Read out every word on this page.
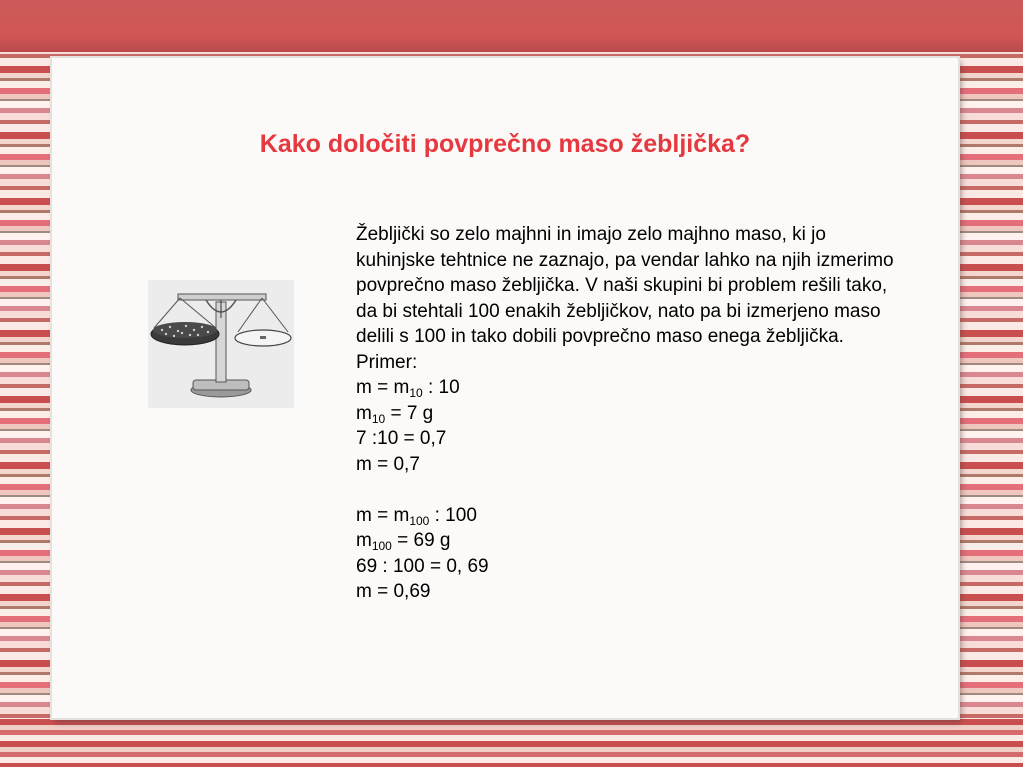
Kako določiti povprečno maso žebljička?

Žebljički so zelo majhni in imajo zelo majhno maso, ki jo kuhinjske tehtnice ne zaznajo, pa vendar lahko na njih izmerimo povprečno maso žebljička. V naši skupini bi problem rešili tako, da bi stehtali 100 enakih žebljičkov, nato pa bi izmerjeno maso delili s 100 in tako dobili povprečno maso enega žebljička.

Primer:

$m = m_{10}$ : 10

$m_{10} = 7$ g

7 :10 = 0,7

m = 0,7

$m = m_{100}$ : 100

$m_{100} = 69$ g

69 : 100 = 0, 69

m = 0,69
